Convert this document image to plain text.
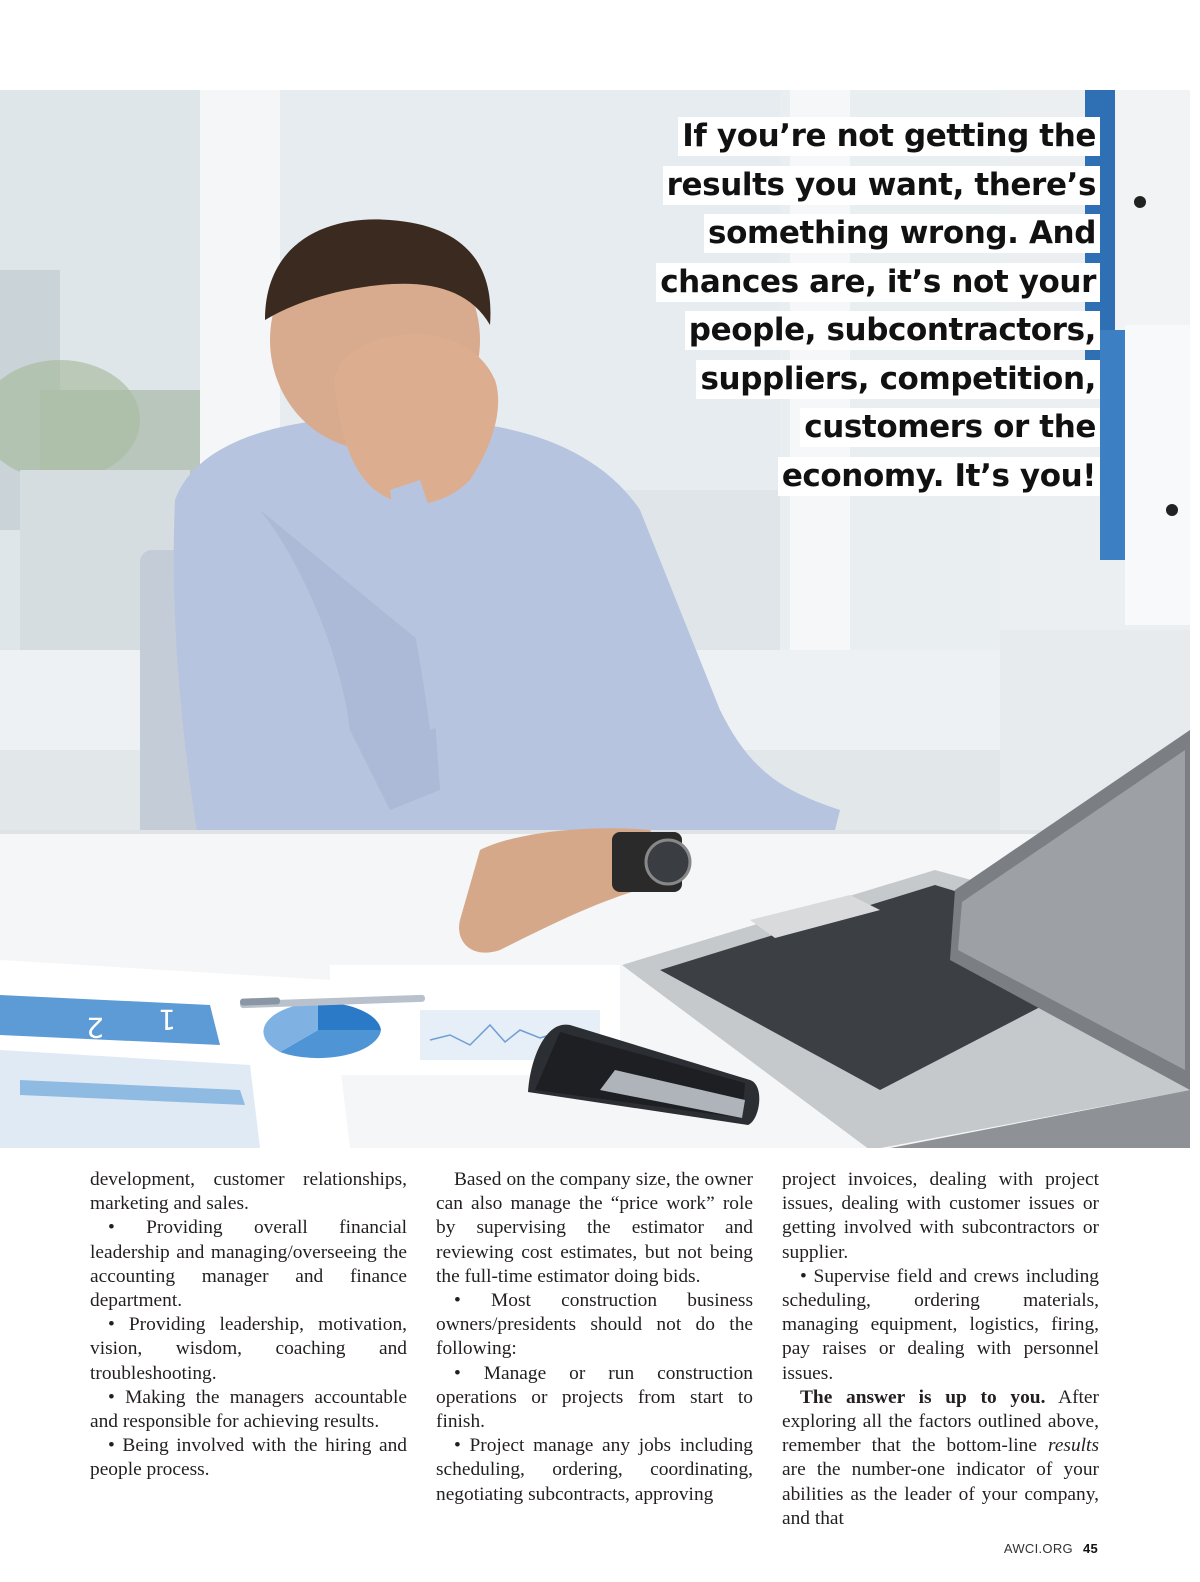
2 1
If you’re not getting the
results you want, there’s
something wrong. And
chances are, it’s not your
people, subcontractors,
suppliers, competition,
customers or the
economy. It’s you!

development, customer relationships, marketing and sales.

• Providing overall financial leadership and managing/overseeing the accounting manager and finance department.

• Providing leadership, motivation, vision, wisdom, coaching and troubleshooting.

• Making the managers accountable and responsible for achieving results.

• Being involved with the hiring and people process.

Based on the company size, the owner can also manage the “price work” role by supervising the estimator and reviewing cost estimates, but not being the full-time estimator doing bids.

• Most construction business owners/presidents should not do the following:

• Manage or run construction operations or projects from start to finish.

• Project manage any jobs including scheduling, ordering, coordinating, negotiating subcontracts, approving

project invoices, dealing with project issues, dealing with customer issues or getting involved with subcontractors or supplier.

• Supervise field and crews including scheduling, ordering materials, managing equipment, logistics, firing, pay raises or dealing with personnel issues.

The answer is up to you. After exploring all the factors outlined above, remember that the bottom-line results are the number-one indicator of your abilities as the leader of your company, and that

AWCI.ORG 45
